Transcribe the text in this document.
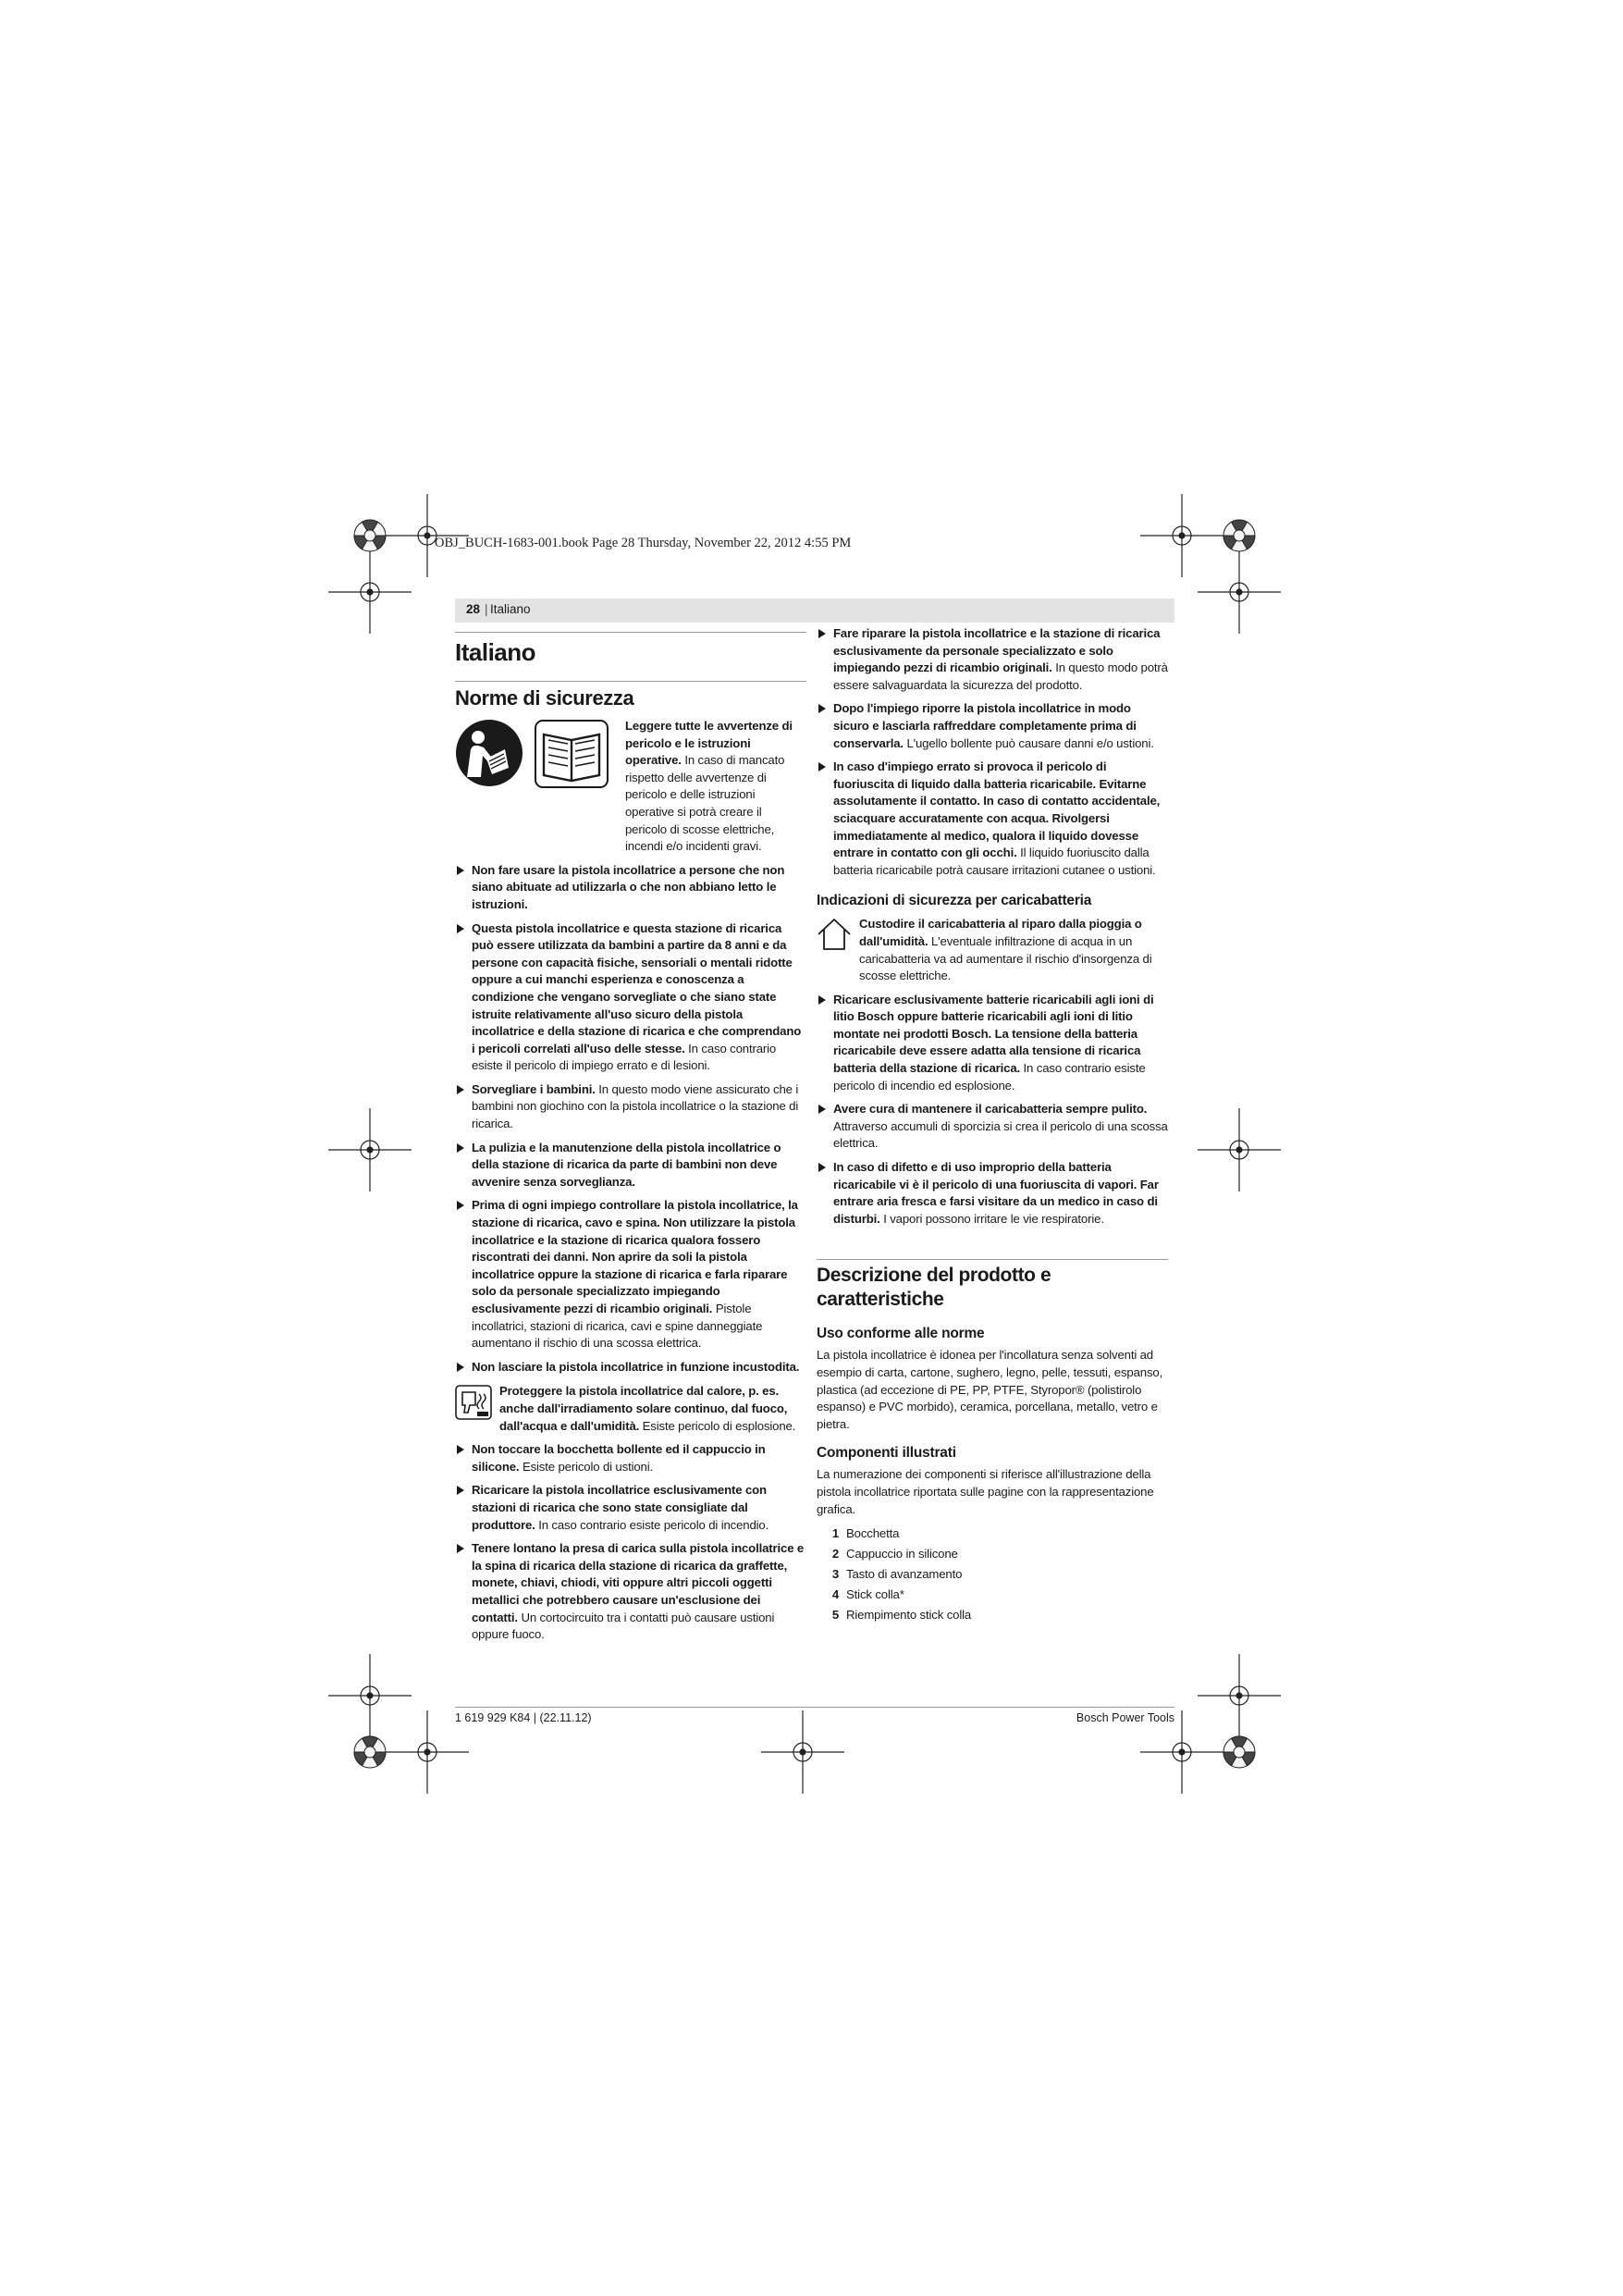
OBJ_BUCH-1683-001.book Page 28 Thursday, November 22, 2012 4:55 PM
28 | Italiano
Italiano
Norme di sicurezza

Leggere tutte le avvertenze di pericolo e le istruzioni operative. In caso di mancato rispetto delle avvertenze di pericolo e delle istruzioni operative si potrà creare il pericolo di scosse elettriche, incendi e/o incidenti gravi.

Non fare usare la pistola incollatrice a persone che non siano abituate ad utilizzarla o che non abbiano letto le istruzioni.

Questa pistola incollatrice e questa stazione di ricarica può essere utilizzata da bambini a partire da 8 anni e da persone con capacità fisiche, sensoriali o mentali ridotte oppure a cui manchi esperienza e conoscenza a condizione che vengano sorvegliate o che siano state istruite relativamente all'uso sicuro della pistola incollatrice e della stazione di ricarica e che comprendano i pericoli correlati all'uso delle stesse. In caso contrario esiste il pericolo di impiego errato e di lesioni.

Sorvegliare i bambini. In questo modo viene assicurato che i bambini non giochino con la pistola incollatrice o la stazione di ricarica.

La pulizia e la manutenzione della pistola incollatrice o della stazione di ricarica da parte di bambini non deve avvenire senza sorveglianza.

Prima di ogni impiego controllare la pistola incollatrice, la stazione di ricarica, cavo e spina. Non utilizzare la pistola incollatrice e la stazione di ricarica qualora fossero riscontrati dei danni. Non aprire da soli la pistola incollatrice oppure la stazione di ricarica e farla riparare solo da personale specializzato impiegando esclusivamente pezzi di ricambio originali. Pistole incollatrici, stazioni di ricarica, cavi e spine danneggiate aumentano il rischio di una scossa elettrica.

Non lasciare la pistola incollatrice in funzione incustodita.

Proteggere la pistola incollatrice dal calore, p. es. anche dall'irradiamento solare continuo, dal fuoco, dall'acqua e dall'umidità. Esiste pericolo di esplosione.

Non toccare la bocchetta bollente ed il cappuccio in silicone. Esiste pericolo di ustioni.

Ricaricare la pistola incollatrice esclusivamente con stazioni di ricarica che sono state consigliate dal produttore. In caso contrario esiste pericolo di incendio.

Tenere lontano la presa di carica sulla pistola incollatrice e la spina di ricarica della stazione di ricarica da graffette, monete, chiavi, chiodi, viti oppure altri piccoli oggetti metallici che potrebbero causare un'esclusione dei contatti. Un cortocircuito tra i contatti può causare ustioni oppure fuoco.

Fare riparare la pistola incollatrice e la stazione di ricarica esclusivamente da personale specializzato e solo impiegando pezzi di ricambio originali. In questo modo potrà essere salvaguardata la sicurezza del prodotto.

Dopo l'impiego riporre la pistola incollatrice in modo sicuro e lasciarla raffreddare completamente prima di conservarla. L'ugello bollente può causare danni e/o ustioni.

In caso d'impiego errato si provoca il pericolo di fuoriuscita di liquido dalla batteria ricaricabile. Evitarne assolutamente il contatto. In caso di contatto accidentale, sciacquare accuratamente con acqua. Rivolgersi immediatamente al medico, qualora il liquido dovesse entrare in contatto con gli occhi. Il liquido fuoriuscito dalla batteria ricaricabile potrà causare irritazioni cutanee o ustioni.

Indicazioni di sicurezza per caricabatteria

Custodire il caricabatteria al riparo dalla pioggia o dall'umidità. L'eventuale infiltrazione di acqua in un caricabatteria va ad aumentare il rischio d'insorgenza di scosse elettriche.

Ricaricare esclusivamente batterie ricaricabili agli ioni di litio Bosch oppure batterie ricaricabili agli ioni di litio montate nei prodotti Bosch. La tensione della batteria ricaricabile deve essere adatta alla tensione di ricarica batteria della stazione di ricarica. In caso contrario esiste pericolo di incendio ed esplosione.

Avere cura di mantenere il caricabatteria sempre pulito. Attraverso accumuli di sporcizia si crea il pericolo di una scossa elettrica.

In caso di difetto e di uso improprio della batteria ricaricabile vi è il pericolo di una fuoriuscita di vapori. Far entrare aria fresca e farsi visitare da un medico in caso di disturbi. I vapori possono irritare le vie respiratorie.

Descrizione del prodotto e caratteristiche
Uso conforme alle norme

La pistola incollatrice è idonea per l'incollatura senza solventi ad esempio di carta, cartone, sughero, legno, pelle, tessuti, espanso, plastica (ad eccezione di PE, PP, PTFE, Styropor® (polistirolo espanso) e PVC morbido), ceramica, porcellana, metallo, vetro e pietra.

Componenti illustrati

La numerazione dei componenti si riferisce all'illustrazione della pistola incollatrice riportata sulle pagine con la rappresentazione grafica.

1 Bocchetta
2 Cappuccio in silicone
3 Tasto di avanzamento
4 Stick colla*
5 Riempimento stick colla
1 619 929 K84 | (22.11.12)	Bosch Power Tools
